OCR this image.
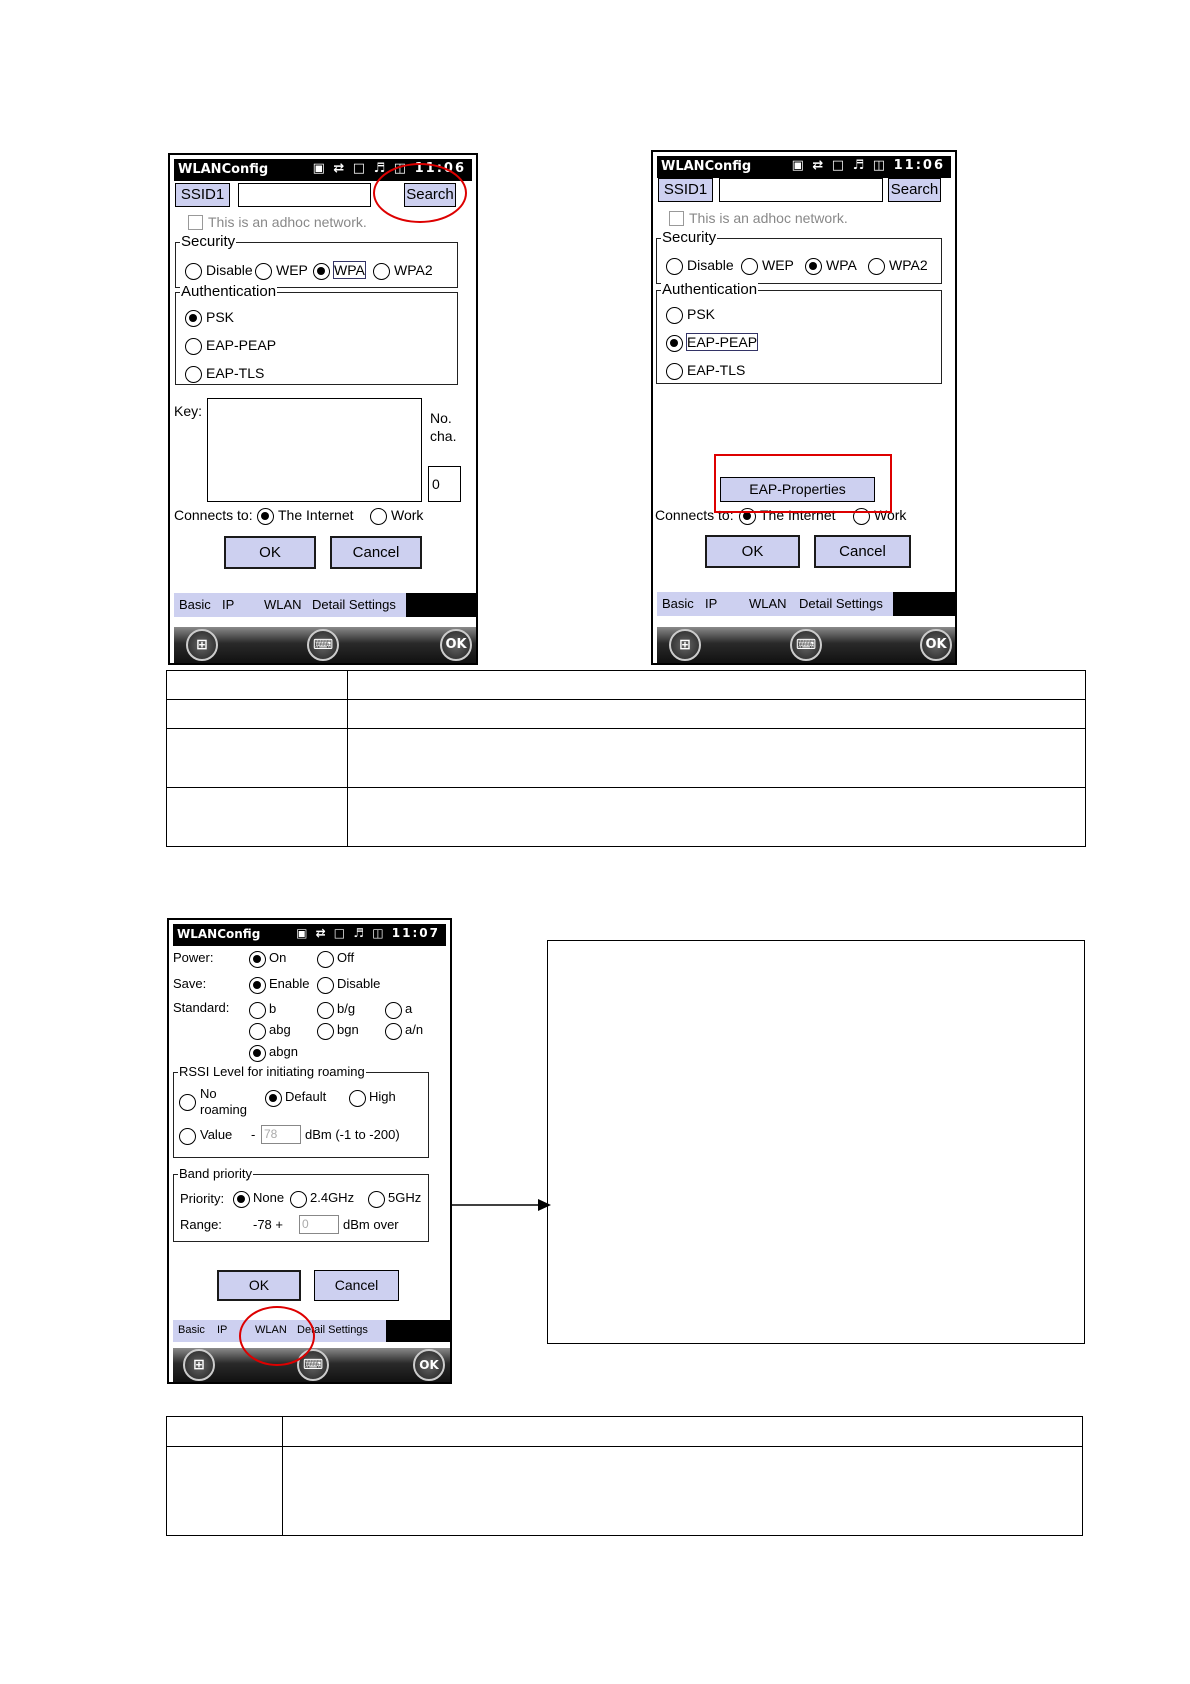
WLANConfig	▣ ⇄ □ ♬ ◫ 11:06
SSID1	Search
This is an adhoc network.
Security
Disable WEP WPA WPA2
Authentication
PSK
EAP-PEAP
EAP-TLS
Key:	No.
cha.
0
Connects to: The Internet	Work
OK	Cancel
Basic IP WLAN Detail Settings
⊞	⌨	OK
WLANConfig	▣ ⇄ □ ♬ ◫ 11:06
SSID1	Search
This is an adhoc network.
Security
Disable WEP WPA WPA2
Authentication
PSK
EAP-PEAP
EAP-TLS
EAP-Properties
Connects to: The Internet	Work
OK	Cancel
Basic IP WLAN Detail Settings
⊞	⌨	OK

WLANConfig	▣ ⇄ □ ♬ ◫ 11:07
Power:	On	Off
Save:	Enable Disable
Standard:	b	b/g	a
abg	bgn	a/n
abgn
RSSI Level for initiating roaming
No
roaming
Default	High
Value - 78	dBm (-1 to -200)
Band priority
Priority: None 2.4GHz	5GHz
Range: -78 + 0	dBm over
OK	Cancel
Basic IP	WLAN Detail Settings
⊞	⌨	OK
